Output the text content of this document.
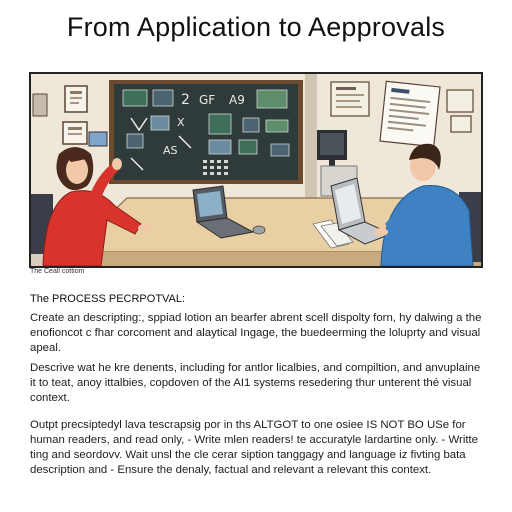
From Application to Aepprovals
2 GF A9
X
AS
The Ceall cottiom
The PROCESS PECRPOTVAL:

Create an descripting:, sppiad lotion an bearfer abrent scell dispolty forn, hy dalwing a the enofioncot c fhar corcoment and alaytical Ingage, the buedeerming the loluprty and visual apeal.

Descrive wat he kre denents, including for antlor licalbies, and compiltion, and anvuplaine it to teat, anoy ittalbies, copdoven of the AI1 systems resedering thur unterent thé visual context.

Outpt precsiptedyl lava tescrapsig por in ths ALTGOT to one osiee IS NOT BO USe for human readers, and read only, - Write mlen readers! te accuratyle lardartine only. - Writte ting and seordovv. Wait unsl the cle cerar siption tanggagy and language iz fivting bata description and - Ensure the denaly, factual and relevant a relevant this context.
